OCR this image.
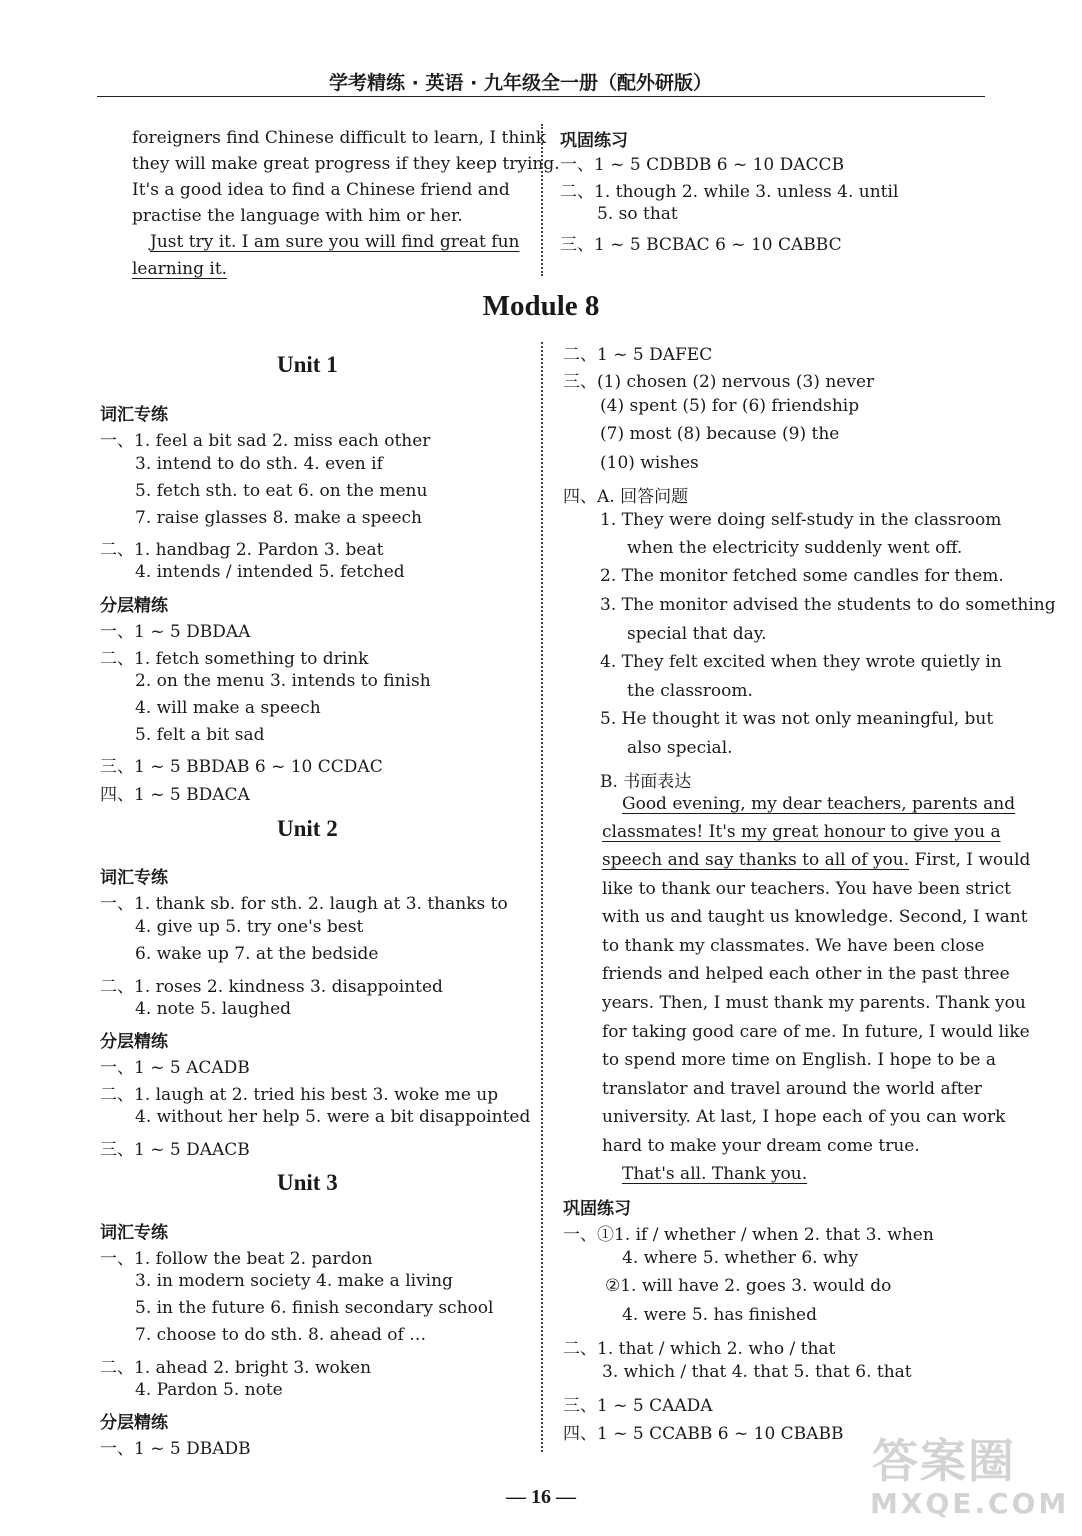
学考精练 · 英语 · 九年级全一册（配外研版）
foreigners find Chinese difficult to learn, I think
they will make great progress if they keep trying.
It's a good idea to find a Chinese friend and
practise the language with him or her.
Just try it. I am sure you will find great fun
learning it.
巩固练习
一、1 ~ 5 CDBDB 6 ~ 10 DACCB
二、1. though 2. while 3. unless 4. until
5. so that
三、1 ~ 5 BCBAC 6 ~ 10 CABBC
Module 8
Unit 1
词汇专练
一、1. feel a bit sad 2. miss each other
3. intend to do sth. 4. even if
5. fetch sth. to eat 6. on the menu
7. raise glasses 8. make a speech
二、1. handbag 2. Pardon 3. beat
4. intends / intended 5. fetched
分层精练
一、1 ~ 5 DBDAA
二、1. fetch something to drink
2. on the menu 3. intends to finish
4. will make a speech
5. felt a bit sad
三、1 ~ 5 BBDAB 6 ~ 10 CCDAC
四、1 ~ 5 BDACA
Unit 2
词汇专练
一、1. thank sb. for sth. 2. laugh at 3. thanks to
4. give up 5. try one's best
6. wake up 7. at the bedside
二、1. roses 2. kindness 3. disappointed
4. note 5. laughed
分层精练
一、1 ~ 5 ACADB
二、1. laugh at 2. tried his best 3. woke me up
4. without her help 5. were a bit disappointed
三、1 ~ 5 DAACB
Unit 3
词汇专练
一、1. follow the beat 2. pardon
3. in modern society 4. make a living
5. in the future 6. finish secondary school
7. choose to do sth. 8. ahead of …
二、1. ahead 2. bright 3. woken
4. Pardon 5. note
分层精练
一、1 ~ 5 DBADB
二、1 ~ 5 DAFEC
三、(1) chosen (2) nervous (3) never
(4) spent (5) for (6) friendship
(7) most (8) because (9) the
(10) wishes
四、A. 回答问题
1. They were doing self-study in the classroom
when the electricity suddenly went off.
2. The monitor fetched some candles for them.
3. The monitor advised the students to do something
special that day.
4. They felt excited when they wrote quietly in
the classroom.
5. He thought it was not only meaningful, but
also special.
B. 书面表达
Good evening, my dear teachers, parents and
classmates! It's my great honour to give you a
speech and say thanks to all of you. First, I would
like to thank our teachers. You have been strict
with us and taught us knowledge. Second, I want
to thank my classmates. We have been close
friends and helped each other in the past three
years. Then, I must thank my parents. Thank you
for taking good care of me. In future, I would like
to spend more time on English. I hope to be a
translator and travel around the world after
university. At last, I hope each of you can work
hard to make your dream come true.
That's all. Thank you.
巩固练习
一、①1. if / whether / when 2. that 3. when
4. where 5. whether 6. why
②1. will have 2. goes 3. would do
4. were 5. has finished
二、1. that / which 2. who / that
3. which / that 4. that 5. that 6. that
三、1 ~ 5 CAADA
四、1 ~ 5 CCABB 6 ~ 10 CBABB
— 16 —
答案圈
MXQE.COM
